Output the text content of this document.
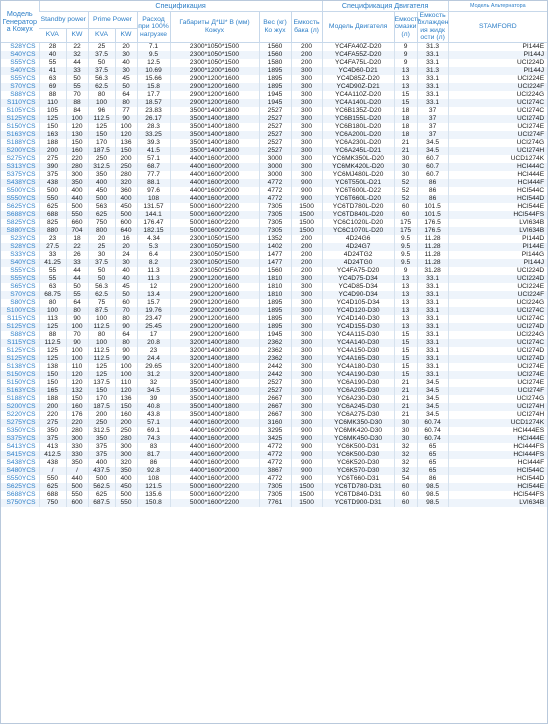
Модель Генератор а Кожух	Спецификация								Спецификация Двигателя			Модель Альтернатора
	Standby power		Prime Power		Расход при 100% нагрузке	Габариты Д*Ш* В (мм) Кожух	Вес (кг) Ко жух	Емкость бака (л)	Модель Двигателя	Емкость смазки (л)	Емкость охлажден ия жидк ости (л)	STAMFORD
	KVA	KW	KVA	KW								
S28YCS	28	22	25	20	7.1	2300*1050*1500	1560	200	YC4FA40Z-D20	9	31.3	PI144E
S40YCS	40	32	37.5	30	9.5	2300*1050*1500	1560	200	YC4FA55Z-D20	9	33.1	PI144J
S55YCS	55	44	50	40	12.5	2300*1050*1500	1580	200	YC4FA75L-D20	9	33.1	UCI224D
S40YCS	41	33	37.5	30	10.69	2900*1200*1600	1895	300	YC4D60-D21	13	31.3	PI144J
S55YCS	63	50	56.3	45	15.66	2900*1200*1600	1895	300	YC4D85Z-D20	13	33.1	UCI224E
S70YCS	69	55	62.5	50	15.8	2900*1200*1600	1895	300	YC4D90Z-D21	13	33.1	UCI224F
S88YCS	88	70	80	64	17.7	2900*1200*1600	1945	300	YC4A110Z-D20	15	33.1	UCI224G
S110YCS	110	88	100	80	18.57	2900*1200*1600	1945	300	YC4A140L-D20	15	33.1	UCI274C
S105YCS	105	84	96	77	23.83	3500*1400*1800	2527	300	YC6B135Z-D20	18	37	UCI274C
S125YCS	125	100	112.5	90	26.17	3500*1400*1800	2527	300	YC6B155L-D20	18	37	UCI274D
S150YCS	150	120	125	100	28.3	3500*1400*1800	2527	300	YC6B180L-D20	18	37	UCI274E
S163YCS	163	130	150	120	33.25	3500*1400*1800	2527	300	YC6A200L-D20	18	37	UCI274F
S188YCS	188	150	170	136	39.3	3500*1400*1800	2527	300	YC6A230L-D20	21	34.5	UCI274G
S200YCS	200	160	187.5	150	41.5	3500*1400*1800	2527	300	YC6A245L-D21	21	34.5	UCI274H
S275YCS	275	220	250	200	57.1	4400*1600*2000	3000	300	YC6MK350L-D20	30	60.7	UCD1274K
S313YCS	390	280	312.5	250	68.7	4400*1600*2000	3000	300	YC6MK420L-D20	30	60.7	HCI444C
S375YCS	375	300	350	280	77.7	4400*1600*2000	3000	300	YC6MJ480L-D20	30	60.7	HCI444E
S438YCS	438	350	400	320	88.1	4400*1600*2000	4772	900	YC6T550L-D21	52	86	HCI444F
S500YCS	500	400	450	360	97.6	4400*1600*2000	4772	900	YC6T600L-D22	52	86	HCI544C
S550YCS	550	440	500	400	108	4400*1600*2000	4772	900	YC6T660L-D20	52	86	HCI544D
S625YCS	625	500	563	450	131.57	5000*1600*2200	7305	1500	YC6TD780L-D20	60	101.5	HCI544E
S688YCS	688	550	625	500	144.1	5000*1600*2200	7305	1500	YC6TD840L-D20	60	101.5	HCI544FS
S825YCS	825	660	750	600	176.47	5000*1600*2200	7305	1500	YC6C1020L-D20	175	176.5	LVI634B
S880YCS	880	704	800	640	182.15	5000*1600*2200	7305	1500	YC6C1070L-D20	175	176.5	LVI634B
S23YCS	23	18	20	16	4.34	2300*1050*1500	1352	200	4D24G6	9.5	11.28	PI144D
S28YCS	27.5	22	25	20	5.3	2300*1050*1500	1402	200	4D24G7	9.5	11.28	PI144E
S33YCS	33	26	30	24	6.4	2300*1050*1500	1477	200	4D24TG2	9.5	11.28	PI144G
S40YCS	41.25	33	37.5	30	8.2	2300*1050*1500	1477	200	4D24TG0	9.5	11.28	PI144J
S55YCS	55	44	50	40	11.3	2300*1050*1500	1560	200	YC4FA75-D20	9	31.28	UCI224D
S55YCS	55	44	50	40	11.3	2900*1200*1600	1810	300	YC4D75-D34	13	33.1	UCI224D
S65YCS	63	50	56.3	45	12	2900*1200*1600	1810	300	YC4D85-D34	13	33.1	UCI224E
S70YCS	68.75	55	62.5	50	13.4	2900*1200*1600	1810	300	YC4D90-D34	13	33.1	UCI224F
S80YCS	80	64	75	60	15.7	2900*1200*1600	1895	300	YC4D105-D34	13	33.1	UCI224G
S100YCS	100	80	87.5	70	19.76	2900*1200*1600	1895	300	YC4D120-D30	13	33.1	UCI274C
S115YCS	113	90	100	80	23.47	2900*1200*1600	1895	300	YC4D140-D30	13	33.1	UCI274C
S125YCS	125	100	112.5	90	25.45	2900*1200*1600	1895	300	YC4D155-D30	13	33.1	UCI274D
S88YCS	88	70	80	64	17	2900*1200*1600	1945	300	YC4A115-D30	15	33.1	UCI224G
S115YCS	112.5	90	100	80	20.8	3200*1400*1800	2362	300	YC4A140-D30	15	33.1	UCI274C
S125YCS	125	100	112.5	90	23	3200*1400*1800	2362	300	YC4A150-D30	15	33.1	UCI274D
S125YCS	125	100	112.5	90	24.4	3200*1400*1800	2362	300	YC4A165-D30	15	33.1	UCI274D
S138YCS	138	110	125	100	29.65	3200*1400*1800	2442	300	YC4A180-D30	15	33.1	UCI274E
S150YCS	150	120	125	100	31.2	3200*1400*1800	2442	300	YC4A190-D30	15	33.1	UCI274E
S150YCS	150	120	137.5	110	32	3500*1400*1800	2527	300	YC6A190-D30	21	34.5	UCI274E
S163YCS	165	132	150	120	34.5	3500*1400*1800	2527	300	YC6A205-D30	21	34.5	UCI274F
S188YCS	188	150	170	136	39	3500*1400*1800	2667	300	YC6A230-D30	21	34.5	UCI274G
S200YCS	200	160	187.5	150	40.8	3500*1400*1800	2667	300	YC6A245-D30	21	34.5	UCI274H
S220YCS	220	176	200	160	43.8	3500*1400*1800	2667	300	YC6A275-D30	21	34.5	UCI274H
S275YCS	275	220	250	200	57.1	4400*1600*2000	3160	300	YC6MK350-D30	30	60.74	UCD1274K
S350YCS	350	280	312.5	250	69.1	4400*1600*2000	3295	900	YC6MK420-D30	30	60.74	HCI444ES
S375YCS	375	300	350	280	74.3	4400*1600*2000	3425	900	YC6MK450-D30	30	60.74	HCI444E
S413YCS	413	330	375	300	83	4400*1600*2000	4772	900	YC6K500-D31	32	65	HCI444FS
S415YCS	412.5	330	375	300	81.7	4400*1600*2000	4772	900	YC6K500-D30	32	65	HCI444FS
S438YCS	438	350	400	320	86	4400*1600*2000	4772	900	YC6K520-D30	32	65	HCI444F
S480YCS	/	/	437.5	350	92.8	4400*1600*2000	3867	900	YC6K570-D30	32	65	HCI544C
S550YCS	550	440	500	400	108	4400*1600*2000	4772	900	YC6T660-D31	54	86	HCI544D
S625YCS	625	500	562.5	450	121.5	5000*1600*2200	7305	1500	YC6TD780-D31	60	98.5	HCI544E
S688YCS	688	550	625	500	135.6	5000*1600*2200	7305	1500	YC6TD840-D31	60	98.5	HCI544FS
S750YCS	750	600	687.5	550	150.8	5000*1600*2200	7761	1500	YC6TD900-D31	60	98.5	LVI634B
